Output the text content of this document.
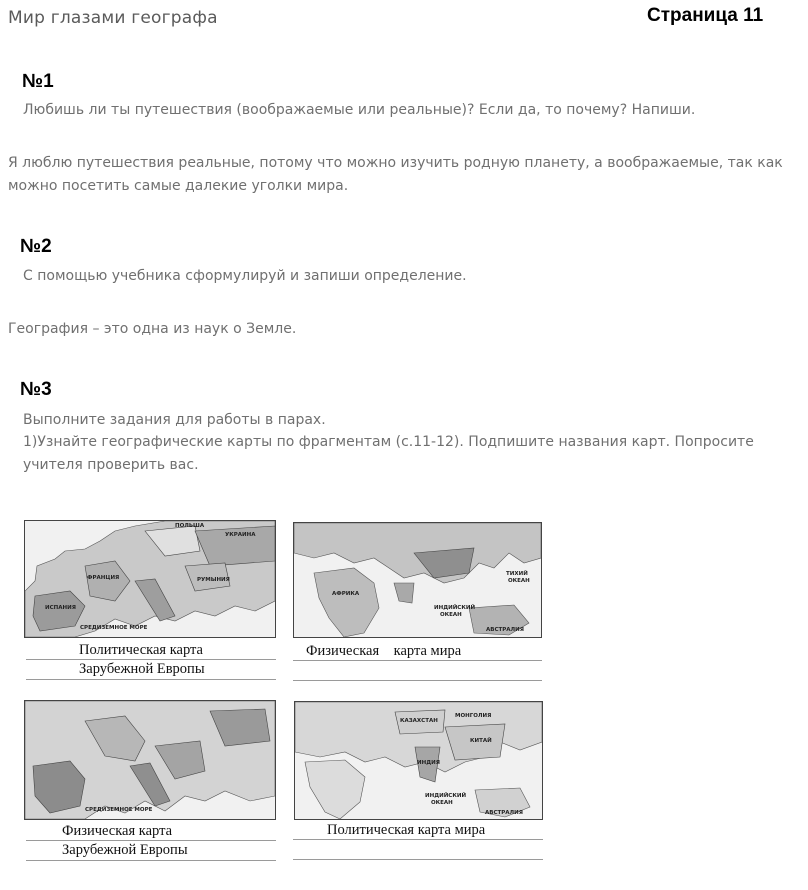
Мир глазами географа	Страница 11
№1
Любишь ли ты путешествия (воображаемые или реальные)? Если да, то почему? Напиши.
Я люблю путешествия реальные, потому что можно изучить родную планету, а воображаемые, так как
можно посетить самые далекие уголки мира.
№2
С помощью учебника сформулируй и запиши определение.
География – это одна из наук о Земле.
№3
Выполните задания для работы в парах.
1)Узнайте географические карты по фрагментам (с.11-12). Подпишите названия карт. Попросите
учителя проверить вас.
ПОЛЬША
УКРАИНА
ФРАНЦИЯ	РУМЫНИЯ
ИСПАНИЯ
СРЕДИЗЕМНОЕ МОРЕ
АФРИКА
ТИХИЙ
ОКЕАН
ИНДИЙСКИЙ
ОКЕАН
АВСТРАЛИЯ
Политическая карта
Зарубежной Европы
Физическая    карта мира
СРЕДИЗЕМНОЕ МОРЕ
КАЗАХСТАН
МОНГОЛИЯ
КИТАЙ
ИНДИЯ
ИНДИЙСКИЙ
ОКЕАН
АВСТРАЛИЯ
Физическая карта
Зарубежной Европы
Политическая карта мира
